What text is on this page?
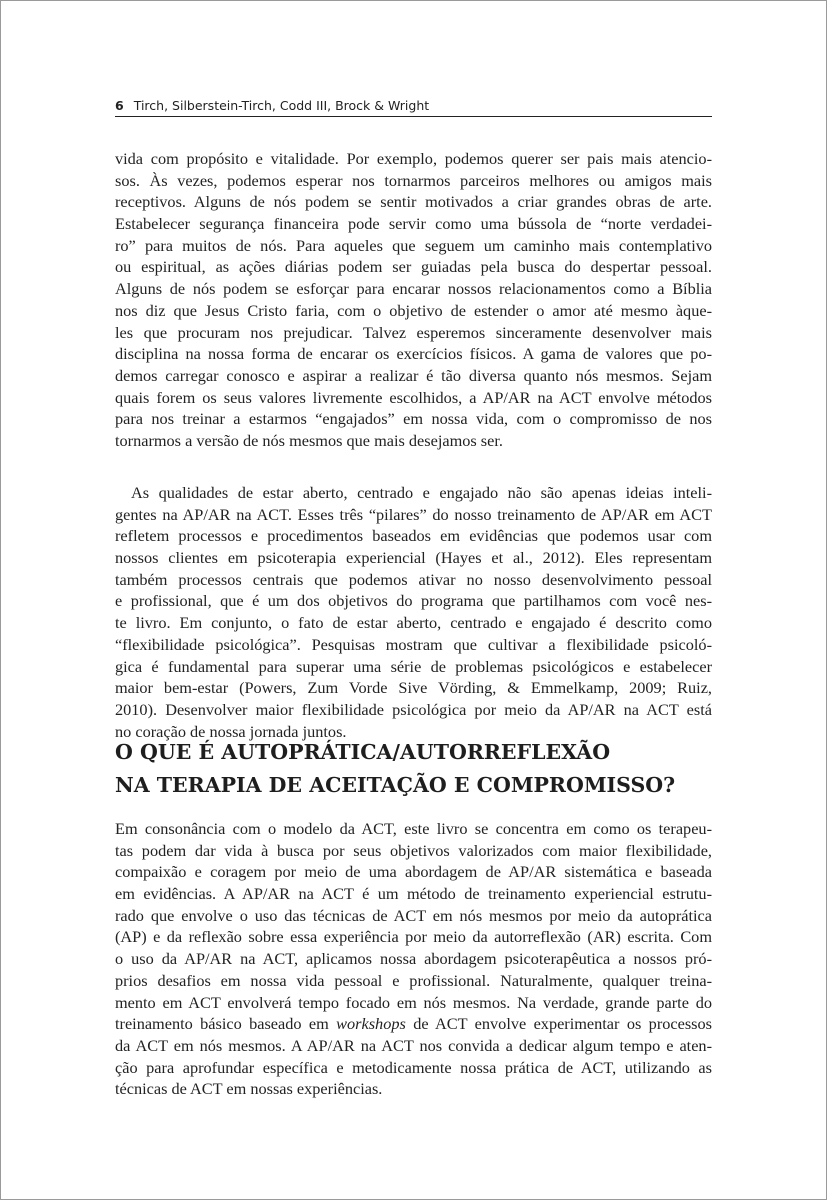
6 Tirch, Silberstein-Tirch, Codd III, Brock & Wright
vida com propósito e vitalidade. Por exemplo, podemos querer ser pais mais atencio-
sos. Às vezes, podemos esperar nos tornarmos parceiros melhores ou amigos mais
receptivos. Alguns de nós podem se sentir motivados a criar grandes obras de arte.
Estabelecer segurança financeira pode servir como uma bússola de “norte verdadei-
ro” para muitos de nós. Para aqueles que seguem um caminho mais contemplativo
ou espiritual, as ações diárias podem ser guiadas pela busca do despertar pessoal.
Alguns de nós podem se esforçar para encarar nossos relacionamentos como a Bíblia
nos diz que Jesus Cristo faria, com o objetivo de estender o amor até mesmo àque-
les que procuram nos prejudicar. Talvez esperemos sinceramente desenvolver mais
disciplina na nossa forma de encarar os exercícios físicos. A gama de valores que po-
demos carregar conosco e aspirar a realizar é tão diversa quanto nós mesmos. Sejam
quais forem os seus valores livremente escolhidos, a AP/AR na ACT envolve métodos
para nos treinar a estarmos “engajados” em nossa vida, com o compromisso de nos
tornarmos a versão de nós mesmos que mais desejamos ser.
As qualidades de estar aberto, centrado e engajado não são apenas ideias inteli-
gentes na AP/AR na ACT. Esses três “pilares” do nosso treinamento de AP/AR em ACT
refletem processos e procedimentos baseados em evidências que podemos usar com
nossos clientes em psicoterapia experiencial (Hayes et al., 2012). Eles representam
também processos centrais que podemos ativar no nosso desenvolvimento pessoal
e profissional, que é um dos objetivos do programa que partilhamos com você nes-
te livro. Em conjunto, o fato de estar aberto, centrado e engajado é descrito como
“flexibilidade psicológica”. Pesquisas mostram que cultivar a flexibilidade psicoló-
gica é fundamental para superar uma série de problemas psicológicos e estabelecer
maior bem-estar (Powers, Zum Vorde Sive Vörding, & Emmelkamp, 2009; Ruiz,
2010). Desenvolver maior flexibilidade psicológica por meio da AP/AR na ACT está
no coração de nossa jornada juntos.
O QUE É AUTOPRÁTICA/AUTORREFLEXÃO
NA TERAPIA DE ACEITAÇÃO E COMPROMISSO?
Em consonância com o modelo da ACT, este livro se concentra em como os terapeu-
tas podem dar vida à busca por seus objetivos valorizados com maior flexibilidade,
compaixão e coragem por meio de uma abordagem de AP/AR sistemática e baseada
em evidências. A AP/AR na ACT é um método de treinamento experiencial estrutu-
rado que envolve o uso das técnicas de ACT em nós mesmos por meio da autoprática
(AP) e da reflexão sobre essa experiência por meio da autorreflexão (AR) escrita. Com
o uso da AP/AR na ACT, aplicamos nossa abordagem psicoterapêutica a nossos pró-
prios desafios em nossa vida pessoal e profissional. Naturalmente, qualquer treina-
mento em ACT envolverá tempo focado em nós mesmos. Na verdade, grande parte do
treinamento básico baseado em workshops de ACT envolve experimentar os processos
da ACT em nós mesmos. A AP/AR na ACT nos convida a dedicar algum tempo e aten-
ção para aprofundar específica e metodicamente nossa prática de ACT, utilizando as
técnicas de ACT em nossas experiências.
